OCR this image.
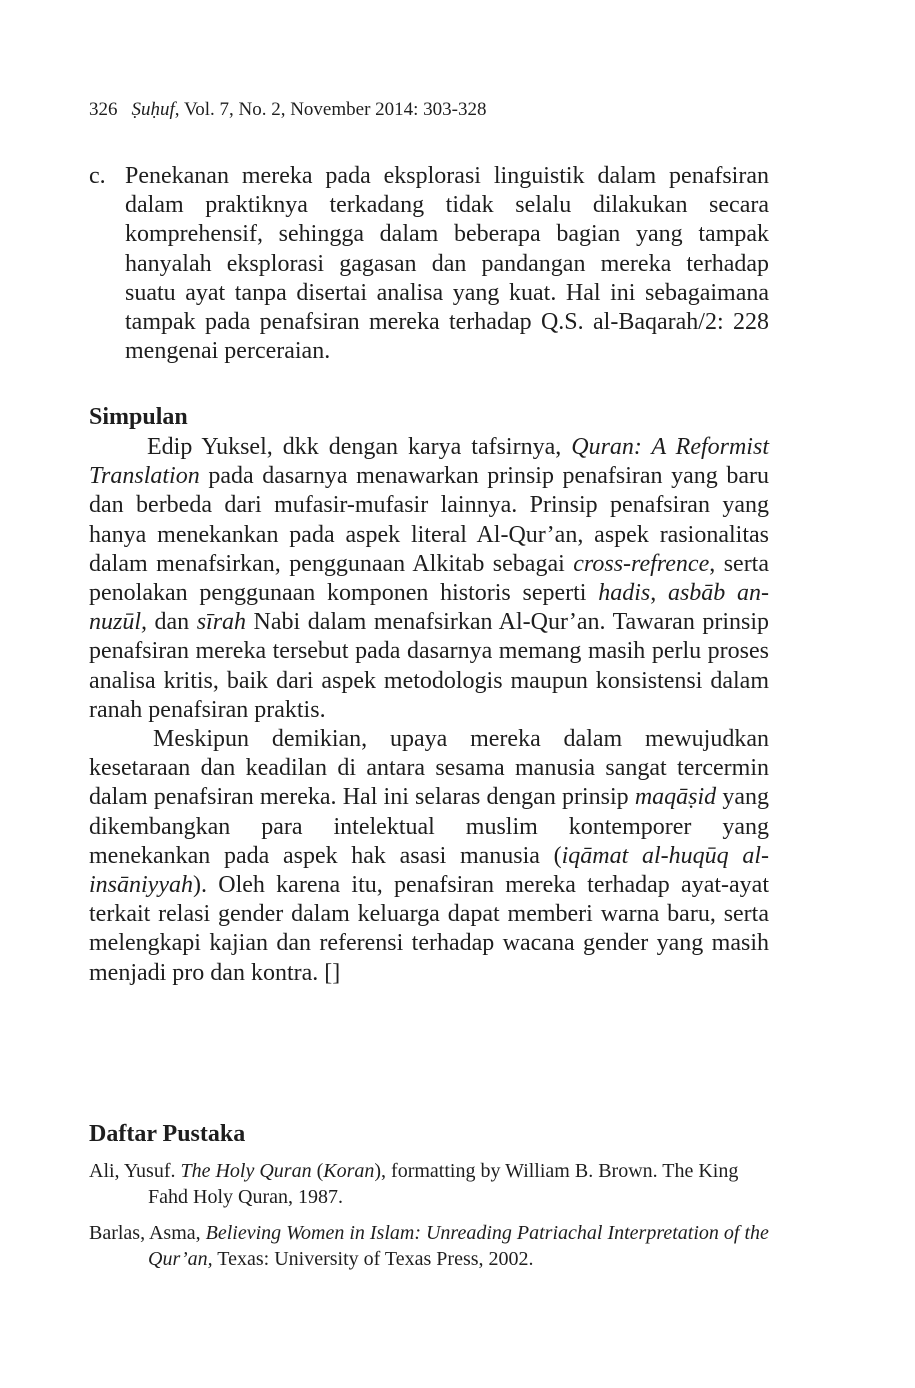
326 Ṣuḥuf, Vol. 7, No. 2, November 2014: 303-328
c. Penekanan mereka pada eksplorasi linguistik dalam penafsiran dalam praktiknya terkadang tidak selalu dilakukan secara komprehensif, sehingga dalam beberapa bagian yang tampak hanyalah eksplorasi gagasan dan pandangan mereka terhadap suatu ayat tanpa disertai analisa yang kuat. Hal ini sebagaimana tampak pada penafsiran mereka terhadap Q.S. al-Baqarah/2: 228 mengenai perceraian.
Simpulan

Edip Yuksel, dkk dengan karya tafsirnya, Quran: A Reformist Translation pada dasarnya menawarkan prinsip penafsiran yang baru dan berbeda dari mufasir-mufasir lainnya. Prinsip penafsiran yang hanya menekankan pada aspek literal Al-Qur’an, aspek rasionalitas dalam menafsirkan, penggunaan Alkitab sebagai cross-refrence, serta penolakan penggunaan komponen historis seperti hadis, asbāb an-nuzūl, dan sīrah Nabi dalam menafsirkan Al-Qur’an. Tawaran prinsip penafsiran mereka tersebut pada dasarnya memang masih perlu proses analisa kritis, baik dari aspek metodologis maupun konsistensi dalam ranah penafsiran praktis.

Meskipun demikian, upaya mereka dalam mewujudkan kesetaraan dan keadilan di antara sesama manusia sangat tercermin dalam penafsiran mereka. Hal ini selaras dengan prinsip maqāṣid yang dikembangkan para intelektual muslim kontemporer yang menekankan pada aspek hak asasi manusia (iqāmat al-huqūq al-insāniyyah). Oleh karena itu, penafsiran mereka terhadap ayat-ayat terkait relasi gender dalam keluarga dapat memberi warna baru, serta melengkapi kajian dan referensi terhadap wacana gender yang masih menjadi pro dan kontra. []

Daftar Pustaka

Ali, Yusuf. The Holy Quran (Koran), formatting by William B. Brown. The King Fahd Holy Quran, 1987.

Barlas, Asma, Believing Women in Islam: Unreading Patriachal Interpretation of the Qur’an, Texas: University of Texas Press, 2002.
